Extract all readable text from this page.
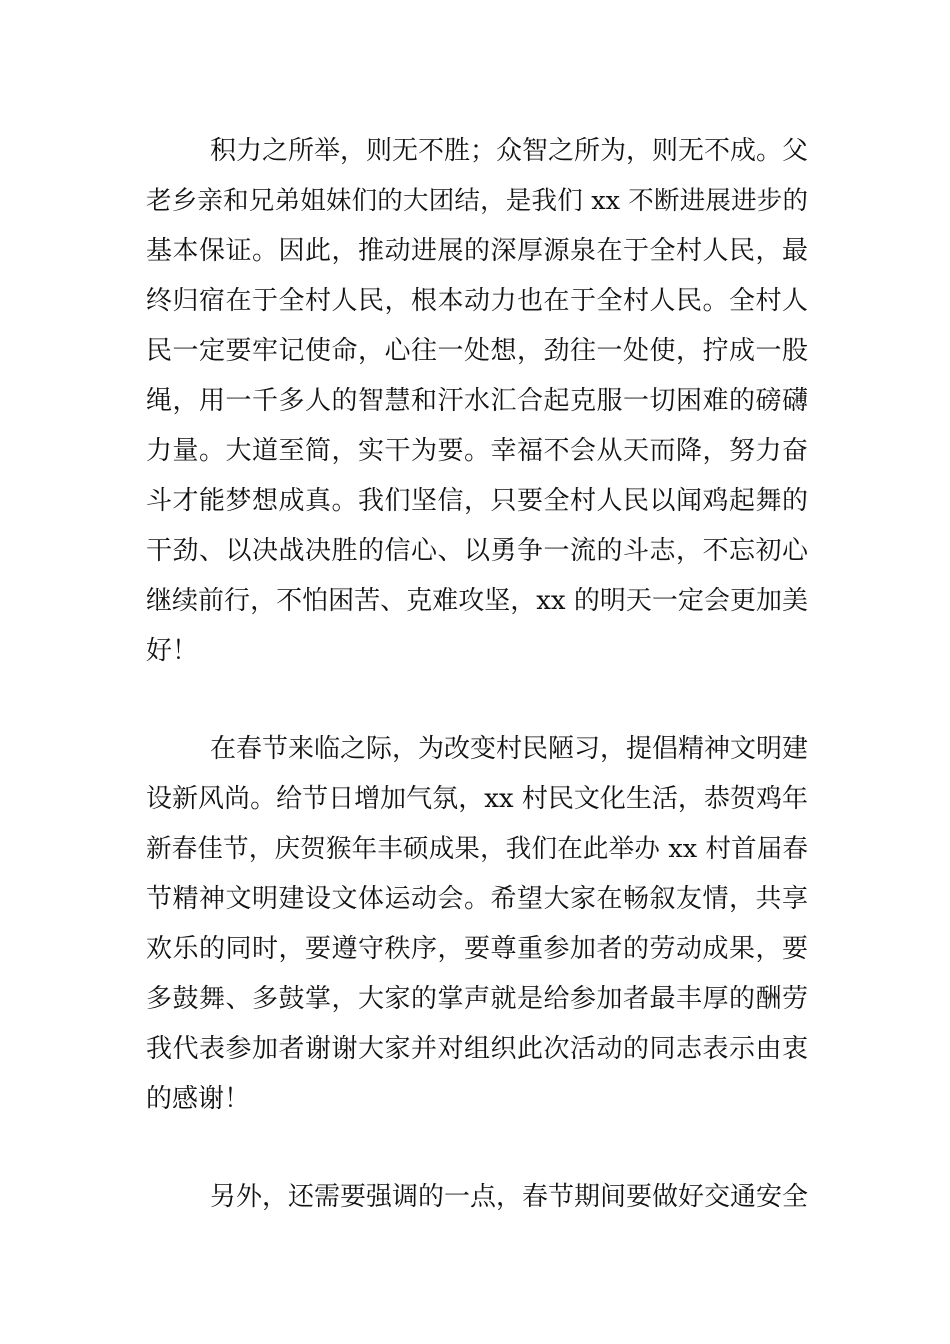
积力之所举，则无不胜；众智之所为，则无不成。父
老乡亲和兄弟姐妹们的大团结，是我们 xx 不断进展进步的
基本保证。因此，推动进展的深厚源泉在于全村人民，最
终归宿在于全村人民，根本动力也在于全村人民。全村人
民一定要牢记使命，心往一处想，劲往一处使，拧成一股
绳，用一千多人的智慧和汗水汇合起克服一切困难的磅礴
力量。大道至简，实干为要。幸福不会从天而降，努力奋
斗才能梦想成真。我们坚信，只要全村人民以闻鸡起舞的
干劲、以决战决胜的信心、以勇争一流的斗志，不忘初心
继续前行，不怕困苦、克难攻坚，xx 的明天一定会更加美
好！
在春节来临之际，为改变村民陋习，提倡精神文明建
设新风尚。给节日增加气氛，xx 村民文化生活，恭贺鸡年
新春佳节，庆贺猴年丰硕成果，我们在此举办 xx 村首届春
节精神文明建设文体运动会。希望大家在畅叙友情，共享
欢乐的同时，要遵守秩序，要尊重参加者的劳动成果，要
多鼓舞、多鼓掌，大家的掌声就是给参加者最丰厚的酬劳
我代表参加者谢谢大家并对组织此次活动的同志表示由衷
的感谢！
另外，还需要强调的一点，春节期间要做好交通安全
